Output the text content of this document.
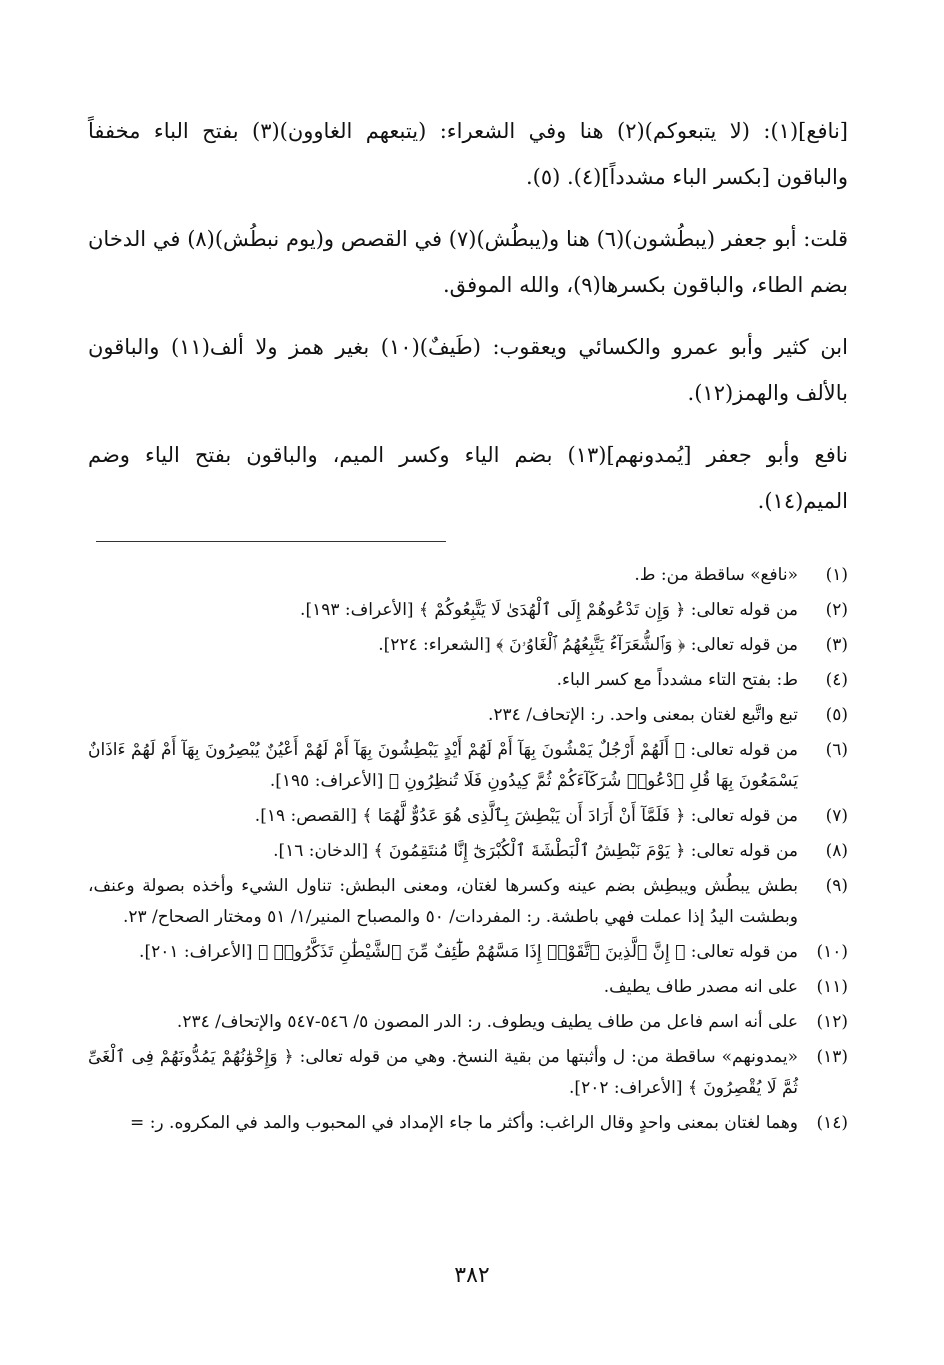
[نافع](١): (لا يتبعوكم)(٢) هنا وفي الشعراء: (يتبعهم الغاوون)(٣) بفتح الباء مخففاً والباقون [بكسر الباء مشدداً](٤). (٥).

قلت: أبو جعفر (يبطُشون)(٦) هنا و(يبطُش)(٧) في القصص و(يوم نبطُش)(٨) في الدخان بضم الطاء، والباقون بكسرها(٩)، والله الموفق.

ابن كثير وأبو عمرو والكسائي ويعقوب: (طَيفٌ)(١٠) بغير همز ولا ألف(١١) والباقون بالألف والهمز(١٢).

نافع وأبو جعفر [يُمدونهم](١٣) بضم الياء وكسر الميم، والباقون بفتح الياء وضم الميم(١٤).

(١)
«نافع» ساقطة من: ط.
(٢)
من قوله تعالى: ﴿ وَإِن تَدْعُوهُمْ إِلَى ٱلْهُدَىٰ لَا يَتَّبِعُوكُمْ ﴾ [الأعراف: ١٩٣].
(٣)
من قوله تعالى: ﴿ وَٱلشُّعَرَآءُ يَتَّبِعُهُمُ ٱلْغَاوُۥنَ ﴾ [الشعراء: ٢٢٤].
(٤)
ط: بفتح التاء مشدداً مع كسر الباء.
(٥)
تبع واتَّبع لغتان بمعنى واحد. ر: الإتحاف/ ٢٣٤.
(٦)
من قوله تعالى: ﴿ أَلَهُمْ أَرْجُلٌ يَمْشُونَ بِهَآ أَمْ لَهُمْ أَيْدٍ يَبْطِشُونَ بِهَآ أَمْ لَهُمْ أَعْيُنٌ يُبْصِرُونَ بِهَآ أَمْ لَهُمْ ءَاذَانٌ يَسْمَعُونَ بِهَا قُلِ ٱدْعُوا۟ شُرَكَآءَكُمْ ثُمَّ كِيدُونِ فَلَا تُنظِرُونِ ﴾ [الأعراف: ١٩٥].
(٧)
من قوله تعالى: ﴿ فَلَمَّآ أَنْ أَرَادَ أَن يَبْطِشَ بِٱلَّذِى هُوَ عَدُوٌّ لَّهُمَا ﴾ [القصص: ١٩].
(٨)
من قوله تعالى: ﴿ يَوْمَ نَبْطِشُ ٱلْبَطْشَةَ ٱلْكُبْرَىٰٓ إِنَّا مُنتَقِمُونَ ﴾ [الدخان: ١٦].
(٩)
بطش يبطُش ويبطِش بضم عينه وكسرها لغتان، ومعنى البطش: تناول الشيء وأخذه بصولة وعنف، وبطشت اليدُ إذا عملت فهي باطشة. ر: المفردات/ ٥٠ والمصباح المنير/١/ ٥١ ومختار الصحاح/ ٢٣.
(١٠)
من قوله تعالى: ﴿ إِنَّ ٱلَّذِينَ ٱتَّقَوْا۟ إِذَا مَسَّهُمْ طَٰٓئِفٌ مِّنَ ٱلشَّيْطَٰنِ تَذَكَّرُوا۟ ﴾ [الأعراف: ٢٠١].
(١١)
على انه مصدر طاف يطيف.
(١٢)
على أنه اسم فاعل من طاف يطيف ويطوف. ر: الدر المصون ٥/ ٥٤٦-٥٤٧ والإتحاف/ ٢٣٤.
(١٣)
«يمدونهم» ساقطة من: ل وأثبتها من بقية النسخ. وهي من قوله تعالى: ﴿ وَإِخْوَٰنُهُمْ يَمُدُّونَهُمْ فِى ٱلْغَىِّ ثُمَّ لَا يُقْصِرُونَ ﴾ [الأعراف: ٢٠٢].
(١٤)
وهما لغتان بمعنى واحدٍ وقال الراغب: وأكثر ما جاء الإمداد في المحبوب والمد في المكروه. ر: =
٣٨٢
